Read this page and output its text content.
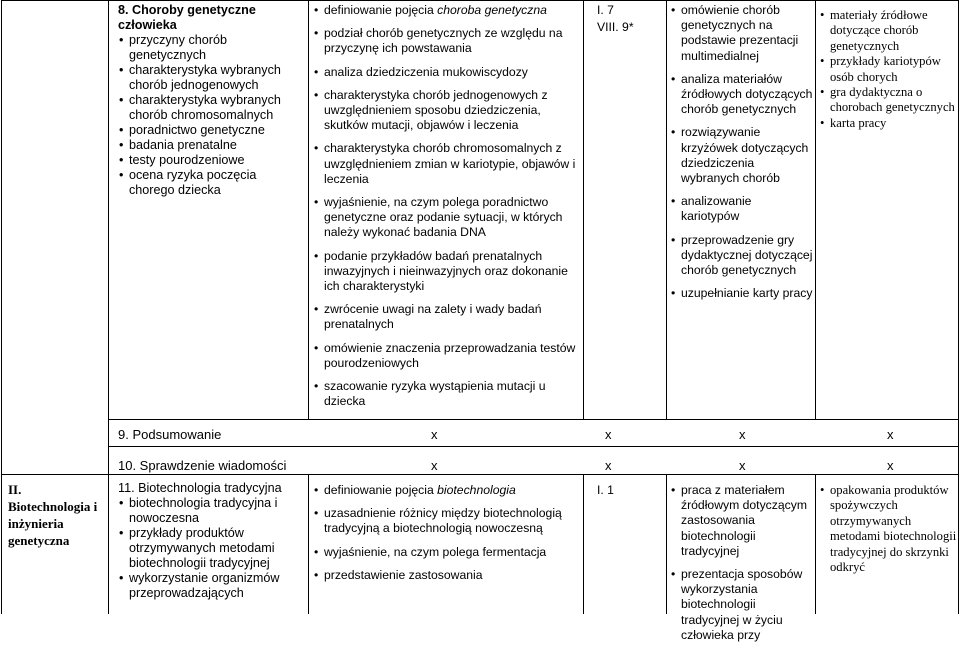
8. Choroby genetyczne człowieka
• przyczyny chorób genetycznych
• charakterystyka wybranych chorób jednogenowych
• charakterystyka wybranych chorób chromosomalnych
• poradnictwo genetyczne
• badania prenatalne
• testy pourodzeniowe
• ocena ryzyka poczęcia chorego dziecka
• definiowanie pojęcia choroba genetyczna
• podział chorób genetycznych ze względu na przyczynę ich powstawania
• analiza dziedziczenia mukowiscydozy
• charakterystyka chorób jednogenowych z uwzględnieniem sposobu dziedziczenia, skutków mutacji, objawów i leczenia
• charakterystyka chorób chromosomalnych z uwzględnieniem zmian w kariotypie, objawów i leczenia
• wyjaśnienie, na czym polega poradnictwo genetyczne oraz podanie sytuacji, w których należy wykonać badania DNA
• podanie przykładów badań prenatalnych inwazyjnych i nieinwazyjnych oraz dokonanie ich charakterystyki
• zwrócenie uwagi na zalety i wady badań prenatalnych
• omówienie znaczenia przeprowadzania testów pourodzeniowych
• szacowanie ryzyka wystąpienia mutacji u dziecka
I. 7
VIII. 9*
• omówienie chorób genetycznych na podstawie prezentacji multimedialnej
• analiza materiałów źródłowych dotyczących chorób genetycznych
• rozwiązywanie krzyżówek dotyczących dziedziczenia wybranych chorób
• analizowanie kariotypów
• przeprowadzenie gry dydaktycznej dotyczącej chorób genetycznych
• uzupełnianie karty pracy
• materiały źródłowe dotyczące chorób genetycznych
• przykłady kariotypów osób chorych
• gra dydaktyczna o chorobach genetycznych
• karta pracy
9. Podsumowanie	x	x	x	x
10. Sprawdzenie wiadomości	x	x	x	x
II. Biotechnologia i inżynieria genetyczna
11. Biotechnologia tradycyjna
• biotechnologia tradycyjna i nowoczesna
• przykłady produktów otrzymywanych metodami biotechnologii tradycyjnej
• wykorzystanie organizmów przeprowadzających
• definiowanie pojęcia biotechnologia
• uzasadnienie różnicy między biotechnologią tradycyjną a biotechnologią nowoczesną
• wyjaśnienie, na czym polega fermentacja
• przedstawienie zastosowania
I. 1
•	praca z materiałem źródłowym dotyczącym zastosowania biotechnologii tradycyjnej
• prezentacja sposobów wykorzystania biotechnologii tradycyjnej w życiu człowieka przy
• opakowania produktów spożywczych otrzymywanych metodami biotechnologii tradycyjnej do skrzynki odkryć
